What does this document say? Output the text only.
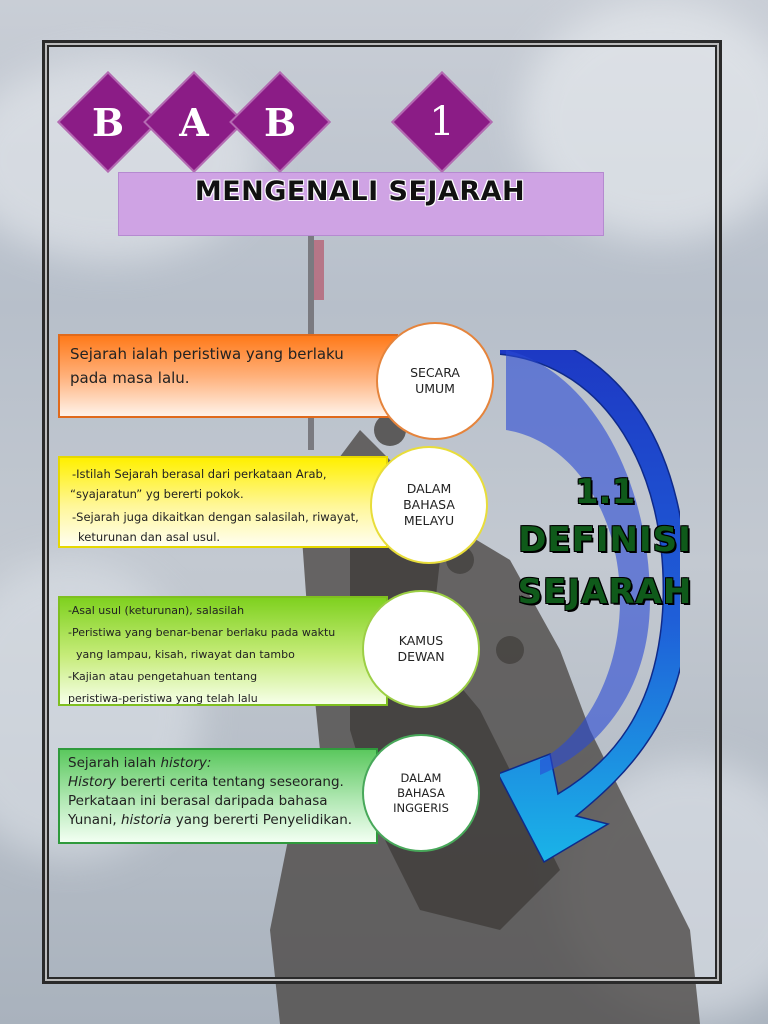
B	A	B	1
MENGENALI SEJARAH
1.1
DEFINISI
SEJARAH

Sejarah ialah peristiwa yang berlaku

pada masa lalu.	SECARA
UMUM

-Istilah Sejarah berasal dari perkataan Arab,

“syajaratun” yg bererti pokok.

-Sejarah juga dikaitkan dengan salasilah, riwayat,

keturunan dan asal usul.

DALAM
BAHASA
MELAYU

-Asal usul (keturunan), salasilah

-Peristiwa yang benar-benar berlaku pada waktu

yang lampau, kisah, riwayat dan tambo

-Kajian atau pengetahuan tentang

peristiwa-peristiwa yang telah lalu

KAMUS
DEWAN

Sejarah ialah history:

History bererti cerita tentang seseorang.

Perkataan ini berasal daripada bahasa

Yunani, historia yang bererti Penyelidikan.

DALAM
BAHASA
INGGERIS
